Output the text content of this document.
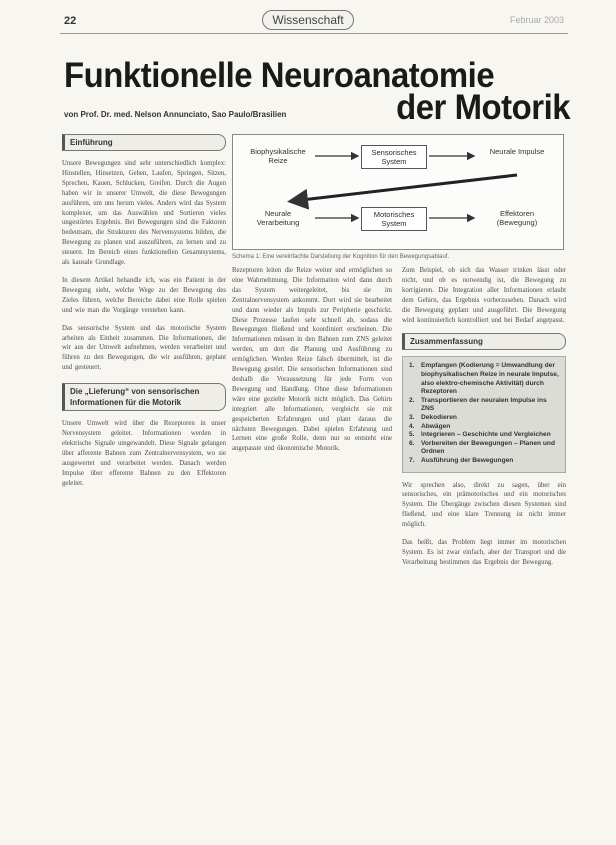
22	Wissenschaft	Februar 2003
Funktionelle Neuroanatomie
der Motorik
von Prof. Dr. med. Nelson Annunciato, Sao Paulo/Brasilien
Einführung

Unsere Bewegungen sind sehr unterschiedlich komplex: Hinstellen, Hinsetzen, Gehen, Laufen, Springen, Sitzen, Sprechen, Kauen, Schlucken, Greifen. Durch die Augen haben wir in unserer Umwelt, die diese Bewegungen ausführen, um uns herum vieles. Anders wird das System komplexer, um das Auswählen und Sortieren vieles ungestörtes Ergebnis. Bei Bewegungen sind die Faktoren bedeutsam, die Strukturen des Nervensystems bilden, die Bewegung zu planen und auszuführen, zu lernen und zu steuern. Im Bereich eines funktionellen Gesamtsystems, als kausale Grundlage.

In diesem Artikel behandle ich, was ein Patient in der Bewegung sieht, welche Wege zu der Bewegung des Zieles führen, welche Bereiche dabei eine Rolle spielen und wie man die Vorgänge verstehen kann.

Das sensorische System und das motorische System arbeiten als Einheit zusammen. Die Informationen, die wir aus der Umwelt aufnehmen, werden verarbeitet und führen zu den Bewegungen, die wir ausführen, geplant und gesteuert.

Die „Lieferung“ von sensorischen Informationen für die Motorik

Unsere Umwelt wird über die Rezeptoren in unser Nervensystem geleitet. Informationen werden in elektrische Signale umgewandelt. Diese Signale gelangen über afferente Bahnen zum Zentralnervensystem, wo sie ausgewertet und verarbeitet werden. Danach werden Impulse über efferente Bahnen zu den Effektoren geleitet.

Biophysikalische Reize
Sensorisches System
Neurale Impulse
Neurale Verarbeitung
Motorisches System
Effektoren (Bewegung)
Schema 1: Eine vereinfachte Darstellung der Kognition für den Bewegungsablauf.

Rezeptoren leiten die Reize weiter und ermöglichen so eine Wahrnehmung. Die Information wird dann durch das System weitergeleitet, bis sie im Zentralnervensystem ankommt. Dort wird sie bearbeitet und dann wieder als Impuls zur Peripherie geschickt. Diese Prozesse laufen sehr schnell ab, sodass die Bewegungen fließend und koordiniert erscheinen. Die Informationen müssen in den Bahnen zum ZNS geleitet werden, um dort die Planung und Ausführung zu ermöglichen. Werden Reize falsch übermittelt, ist die Bewegung gestört. Die sensorischen Informationen sind deshalb die Voraussetzung für jede Form von Bewegung und Handlung. Ohne diese Informationen wäre eine gezielte Motorik nicht möglich. Das Gehirn integriert alle Informationen, vergleicht sie mit gespeicherten Erfahrungen und plant daraus die nächsten Bewegungen. Dabei spielen Erfahrung und Lernen eine große Rolle, denn nur so entsteht eine angepasste und ökonomische Motorik.

Zum Beispiel, ob sich das Wasser trinken lässt oder nicht, und ob es notwendig ist, die Bewegung zu korrigieren. Die Integration aller Informationen erlaubt dem Gehirn, das Ergebnis vorherzusehen. Danach wird die Bewegung geplant und ausgeführt. Die Bewegung wird kontinuierlich kontrolliert und bei Bedarf angepasst.

Zusammenfassung
1. Empfangen (Kodierung = Umwandlung der biophysikalischen Reize in neurale Impulse, also elektro-chemische Aktivität) durch Rezeptoren
2. Transportieren der neuralen Impulse ins ZNS
3. Dekodieren
4. Abwägen
5. Integrieren – Geschichte und Vergleichen
6. Vorbereiten der Bewegungen – Planen und Ordnen
7. Ausführung der Bewegungen

Wir sprechen also, direkt zu sagen, über ein sensorisches, ein prämotorisches und ein motorisches System. Die Übergänge zwischen diesen Systemen sind fließend, und eine klare Trennung ist nicht immer möglich.

Das heißt, das Problem liegt immer im motorischen System. Es ist zwar einfach, aber der Transport und die Verarbeitung bestimmen das Ergebnis der Bewegung.
